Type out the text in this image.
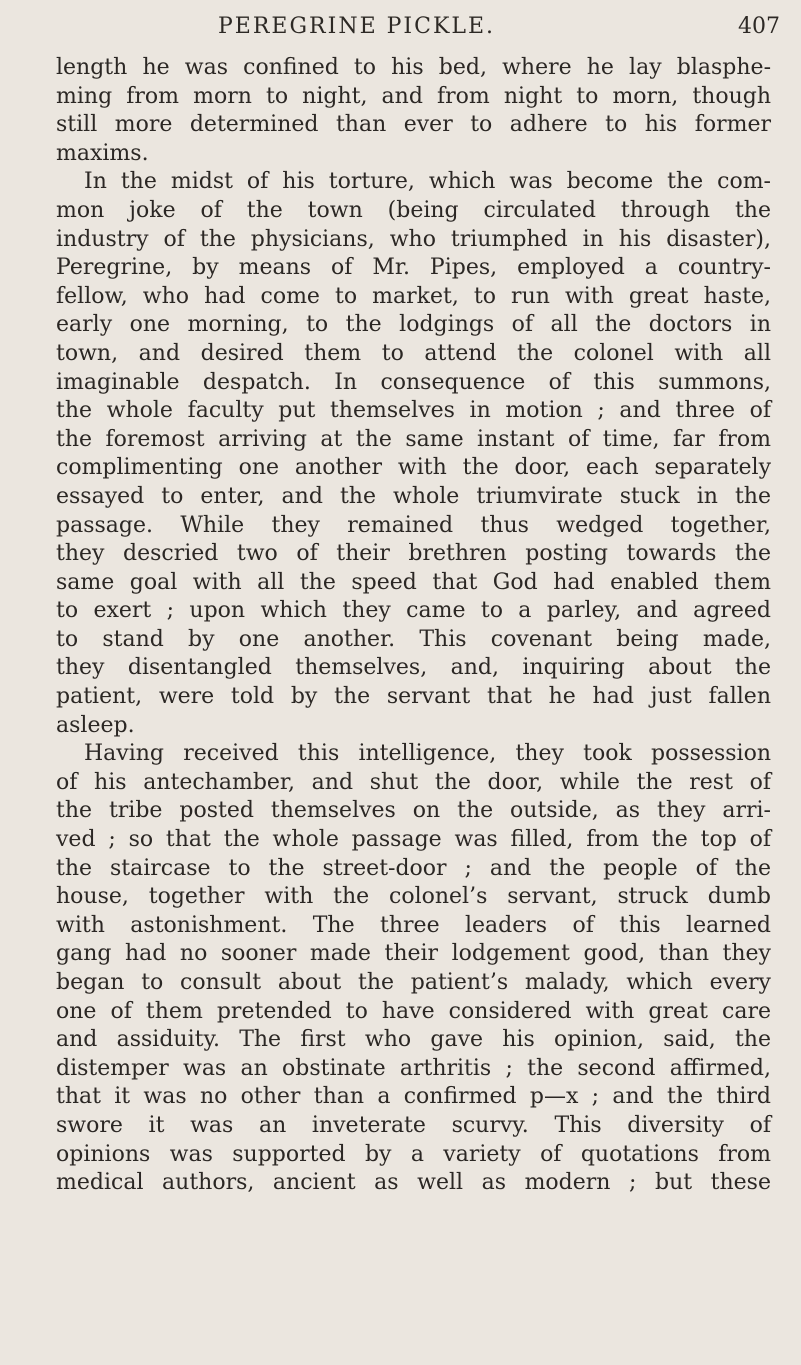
PEREGRINE PICKLE.	407
length he was confined to his bed, where he lay blasphe-
ming from morn to night, and from night to morn, though
still more determined than ever to adhere to his former
maxims.
In the midst of his torture, which was become the com-
mon joke of the town (being circulated through the
industry of the physicians, who triumphed in his disaster),
Peregrine, by means of Mr. Pipes, employed a country-
fellow, who had come to market, to run with great haste,
early one morning, to the lodgings of all the doctors in
town, and desired them to attend the colonel with all
imaginable despatch. In consequence of this summons,
the whole faculty put themselves in motion ; and three of
the foremost arriving at the same instant of time, far from
complimenting one another with the door, each separately
essayed to enter, and the whole triumvirate stuck in the
passage. While they remained thus wedged together,
they descried two of their brethren posting towards the
same goal with all the speed that God had enabled them
to exert ; upon which they came to a parley, and agreed
to stand by one another. This covenant being made,
they disentangled themselves, and, inquiring about the
patient, were told by the servant that he had just fallen
asleep.
Having received this intelligence, they took possession
of his antechamber, and shut the door, while the rest of
the tribe posted themselves on the outside, as they arri-
ved ; so that the whole passage was filled, from the top of
the staircase to the street-door ; and the people of the
house, together with the colonel’s servant, struck dumb
with astonishment. The three leaders of this learned
gang had no sooner made their lodgement good, than they
began to consult about the patient’s malady, which every
one of them pretended to have considered with great care
and assiduity. The first who gave his opinion, said, the
distemper was an obstinate arthritis ; the second affirmed,
that it was no other than a confirmed p—x ; and the third
swore it was an inveterate scurvy. This diversity of
opinions was supported by a variety of quotations from
medical authors, ancient as well as modern ; but these
